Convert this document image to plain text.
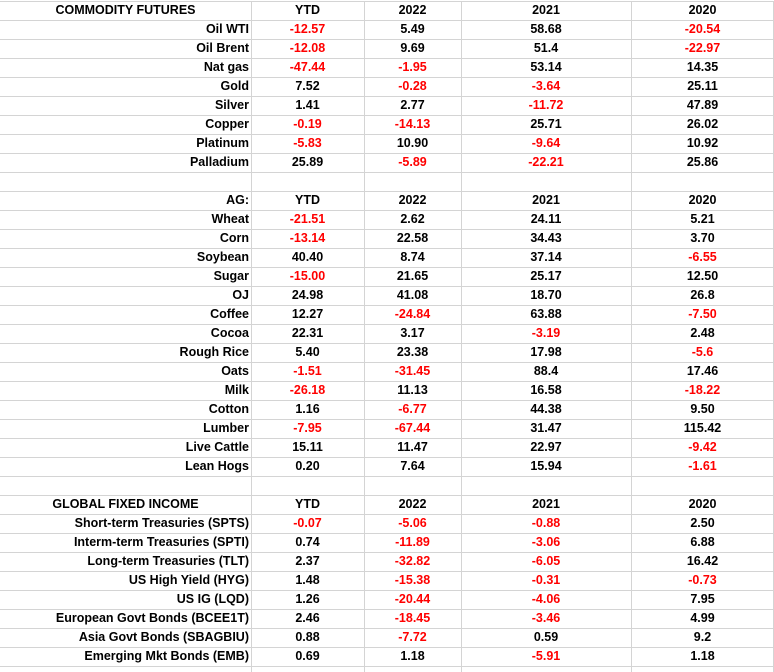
COMMODITY FUTURES	YTD	2022	2021	2020
Oil WTI	-12.57	5.49	58.68	-20.54
Oil Brent	-12.08	9.69	51.4	-22.97
Nat gas	-47.44	-1.95	53.14	14.35
Gold	7.52	-0.28	-3.64	25.11
Silver	1.41	2.77	-11.72	47.89
Copper	-0.19	-14.13	25.71	26.02
Platinum	-5.83	10.90	-9.64	10.92
Palladium	25.89	-5.89	-22.21	25.86
AG:	YTD	2022	2021	2020
Wheat	-21.51	2.62	24.11	5.21
Corn	-13.14	22.58	34.43	3.70
Soybean	40.40	8.74	37.14	-6.55
Sugar	-15.00	21.65	25.17	12.50
OJ	24.98	41.08	18.70	26.8
Coffee	12.27	-24.84	63.88	-7.50
Cocoa	22.31	3.17	-3.19	2.48
Rough Rice	5.40	23.38	17.98	-5.6
Oats	-1.51	-31.45	88.4	17.46
Milk	-26.18	11.13	16.58	-18.22
Cotton	1.16	-6.77	44.38	9.50
Lumber	-7.95	-67.44	31.47	115.42
Live Cattle	15.11	11.47	22.97	-9.42
Lean Hogs	0.20	7.64	15.94	-1.61
GLOBAL FIXED INCOME	YTD	2022	2021	2020
Short-term Treasuries (SPTS)	-0.07	-5.06	-0.88	2.50
Interm-term Treasuries (SPTI)	0.74	-11.89	-3.06	6.88
Long-term Treasuries (TLT)	2.37	-32.82	-6.05	16.42
US High Yield (HYG)	1.48	-15.38	-0.31	-0.73
US IG (LQD)	1.26	-20.44	-4.06	7.95
European Govt Bonds (BCEE1T)	2.46	-18.45	-3.46	4.99
Asia Govt Bonds (SBAGBIU)	0.88	-7.72	0.59	9.2
Emerging Mkt Bonds (EMB)	0.69	1.18	-5.91	1.18
